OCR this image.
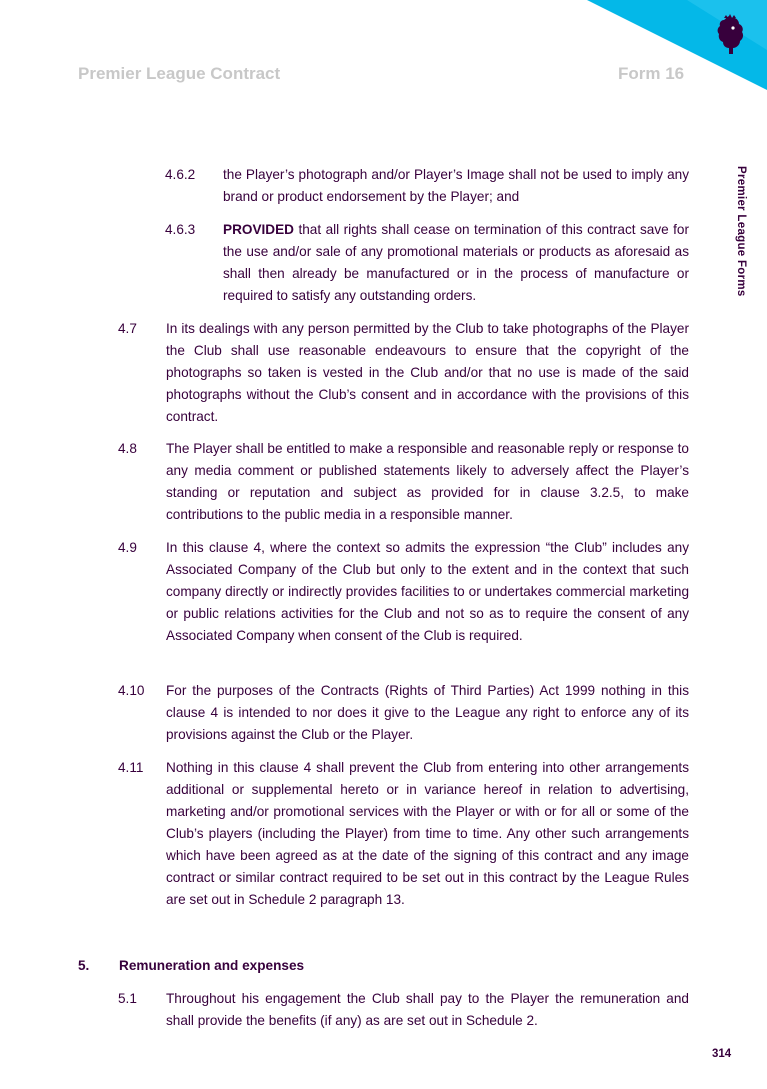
Premier League Contract	Form 16
Premier League Forms
4.6.2 the Player’s photograph and/or Player’s Image shall not be used to imply any brand or product endorsement by the Player; and
4.6.3 PROVIDED that all rights shall cease on termination of this contract save for the use and/or sale of any promotional materials or products as aforesaid as shall then already be manufactured or in the process of manufacture or required to satisfy any outstanding orders.
4.7 In its dealings with any person permitted by the Club to take photographs of the Player the Club shall use reasonable endeavours to ensure that the copyright of the photographs so taken is vested in the Club and/or that no use is made of the said photographs without the Club’s consent and in accordance with the provisions of this contract.
4.8 The Player shall be entitled to make a responsible and reasonable reply or response to any media comment or published statements likely to adversely affect the Player’s standing or reputation and subject as provided for in clause 3.2.5, to make contributions to the public media in a responsible manner.
4.9 In this clause 4, where the context so admits the expression “the Club” includes any Associated Company of the Club but only to the extent and in the context that such company directly or indirectly provides facilities to or undertakes commercial marketing or public relations activities for the Club and not so as to require the consent of any Associated Company when consent of the Club is required.
4.10 For the purposes of the Contracts (Rights of Third Parties) Act 1999 nothing in this clause 4 is intended to nor does it give to the League any right to enforce any of its provisions against the Club or the Player.
4.11 Nothing in this clause 4 shall prevent the Club from entering into other arrangements additional or supplemental hereto or in variance hereof in relation to advertising, marketing and/or promotional services with the Player or with or for all or some of the Club’s players (including the Player) from time to time. Any other such arrangements which have been agreed as at the date of the signing of this contract and any image contract or similar contract required to be set out in this contract by the League Rules are set out in Schedule 2 paragraph 13.
5. Remuneration and expenses
5.1 Throughout his engagement the Club shall pay to the Player the remuneration and shall provide the benefits (if any) as are set out in Schedule 2.
314
